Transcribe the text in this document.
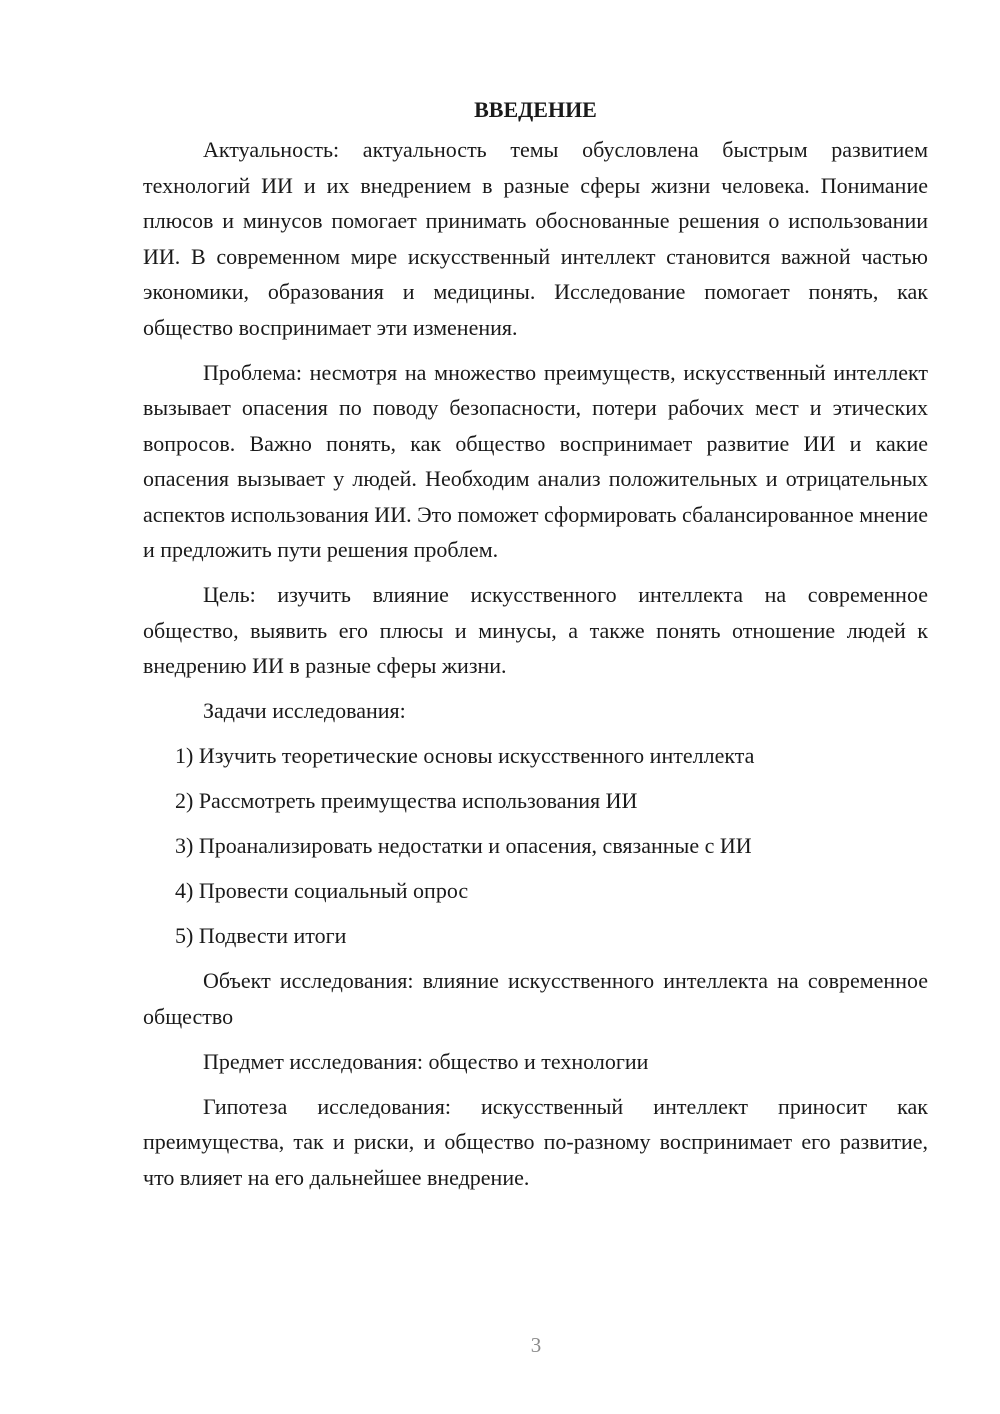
ВВЕДЕНИЕ

Актуальность: актуальность темы обусловлена быстрым развитием технологий ИИ и их внедрением в разные сферы жизни человека. Понимание плюсов и минусов помогает принимать обоснованные решения о использовании ИИ. В современном мире искусственный интеллект становится важной частью экономики, образования и медицины. Исследование помогает понять, как общество воспринимает эти изменения.

Проблема: несмотря на множество преимуществ, искусственный интеллект вызывает опасения по поводу безопасности, потери рабочих мест и этических вопросов. Важно понять, как общество воспринимает развитие ИИ и какие опасения вызывает у людей. Необходим анализ положительных и отрицательных аспектов использования ИИ. Это поможет сформировать сбалансированное мнение и предложить пути решения проблем.

Цель: изучить влияние искусственного интеллекта на современное общество, выявить его плюсы и минусы, а также понять отношение людей к внедрению ИИ в разные сферы жизни.

Задачи исследования:

1) Изучить теоретические основы искусственного интеллекта

2) Рассмотреть преимущества использования ИИ

3) Проанализировать недостатки и опасения, связанные с ИИ

4) Провести социальный опрос

5) Подвести итоги

Объект исследования: влияние искусственного интеллекта на современное общество

Предмет исследования: общество и технологии

Гипотеза исследования: искусственный интеллект приносит как преимущества, так и риски, и общество по-разному воспринимает его развитие, что влияет на его дальнейшее внедрение.

3
